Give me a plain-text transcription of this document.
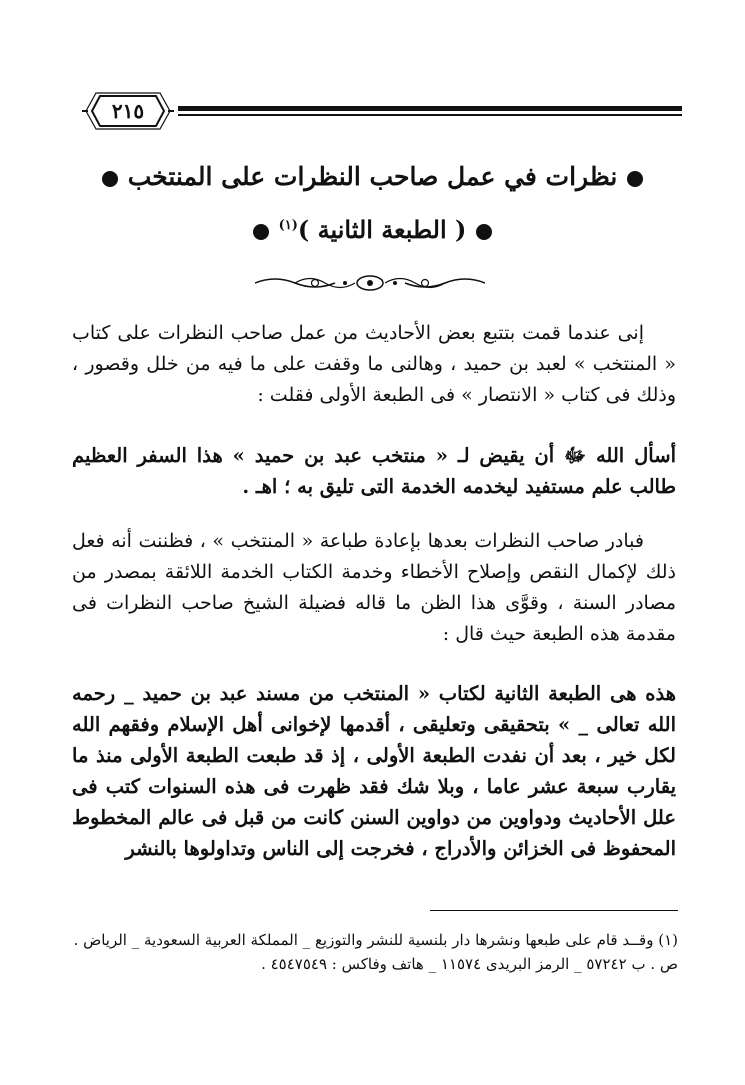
٢١٥
نظرات في عمل صاحب النظرات على المنتخب
( الطبعة الثانية )$^{(١)}$

إنى عندما قمت بتتبع بعض الأحاديث من عمل صاحب النظرات على كتاب « المنتخب » لعبد بن حميد ، وهالنى ما وقفت على ما فيه من خلل وقصور ، وذلك فى كتاب « الانتصار » فى الطبعة الأولى فقلت :

أسأل الله ﷻ أن يقيض لـ « منتخب عبد بن حميد » هذا السفر العظيم طالب علم مستفيد ليخدمه الخدمة التى تليق به ؛ اهـ .

فبادر صاحب النظرات بعدها بإعادة طباعة « المنتخب » ، فظننت أنه فعل ذلك لإكمال النقص وإصلاح الأخطاء وخدمة الكتاب الخدمة اللائقة بمصدر من مصادر السنة ، وقوَّى هذا الظن ما قاله فضيلة الشيخ صاحب النظرات فى مقدمة هذه الطبعة حيث قال :

هذه هى الطبعة الثانية لكتاب « المنتخب من مسند عبد بن حميد _ رحمه الله تعالى _ » بتحقيقى وتعليقى ، أقدمها لإخوانى أهل الإسلام وفقهم الله لكل خير ، بعد أن نفدت الطبعة الأولى ، إذ قد طبعت الطبعة الأولى منذ ما يقارب سبعة عشر عاما ، وبلا شك فقد ظهرت فى هذه السنوات كتب فى علل الأحاديث ودواوين من دواوين السنن كانت من قبل فى عالم المخطوط المحفوظ فى الخزائن والأدراج ، فخرجت إلى الناس وتداولوها بالنشر

(١) وقــد قام على طبعها ونشرها دار بلنسية للنشر والتوزيع _ المملكة العربية السعودية _ الرياض .

ص . ب ٥٧٢٤٢ _ الرمز البريدى ١١٥٧٤ _ هاتف وفاكس : ٤٥٤٧٥٤٩ .
